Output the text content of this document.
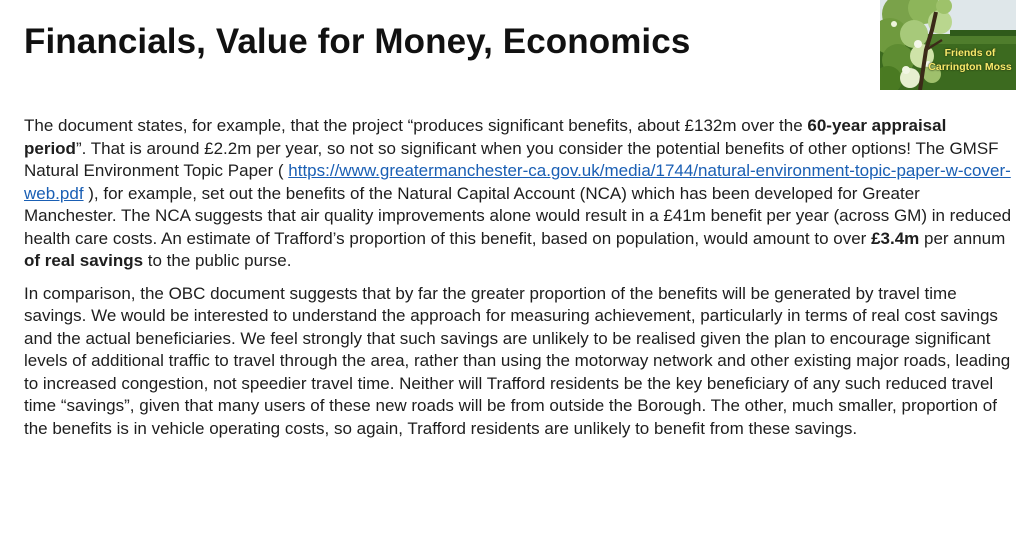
Financials, Value for Money, Economics	Friends of
Carrington Moss

The document states, for example, that the project “produces significant benefits, about £132m over the 60-year appraisal period”. That is around £2.2m per year, so not so significant when you consider the potential benefits of other options! The GMSF Natural Environment Topic Paper ( https://www.greatermanchester-ca.gov.uk/media/1744/natural-environment-topic-paper-w-cover-web.pdf ), for example, set out the benefits of the Natural Capital Account (NCA) which has been developed for Greater Manchester. The NCA suggests that air quality improvements alone would result in a £41m benefit per year (across GM) in reduced health care costs. An estimate of Trafford’s proportion of this benefit, based on population, would amount to over £3.4m per annum of real savings to the public purse.

In comparison, the OBC document suggests that by far the greater proportion of the benefits will be generated by travel time savings. We would be interested to understand the approach for measuring achievement, particularly in terms of real cost savings and the actual beneficiaries. We feel strongly that such savings are unlikely to be realised given the plan to encourage significant levels of additional traffic to travel through the area, rather than using the motorway network and other existing major roads, leading to increased congestion, not speedier travel time. Neither will Trafford residents be the key beneficiary of any such reduced travel time “savings”, given that many users of these new roads will be from outside the Borough. The other, much smaller, proportion of the benefits is in vehicle operating costs, so again, Trafford residents are unlikely to benefit from these savings.
